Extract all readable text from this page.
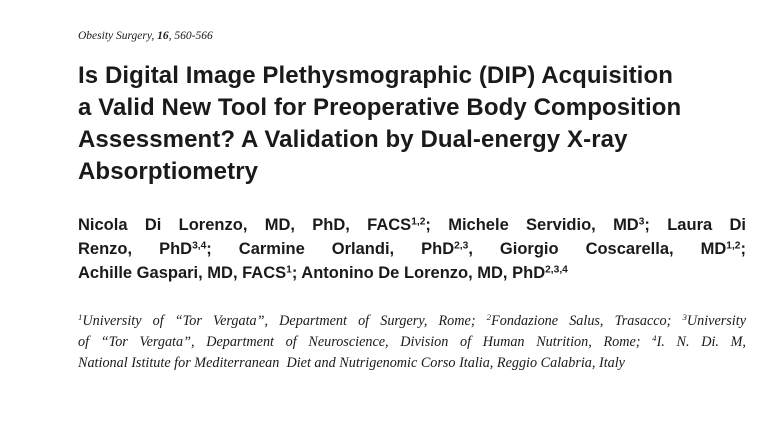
Obesity Surgery, 16, 560-566

Is Digital Image Plethysmographic (DIP) Acquisition
a Valid New Tool for Preoperative Body Composition
Assessment? A Validation by Dual-energy X-ray
Absorptiometry
Nicola Di Lorenzo, MD, PhD, FACS$^{1,2}$; Michele Servidio, $MD^3$; Laura Di
Renzo, PhD$^{3,4}$; Carmine Orlandi, PhD$^{2,3}$, Giorgio Coscarella, MD$^{1,2}$;
Achille Gaspari, MD, FACS$^1$; Antonino De Lorenzo, MD, PhD$^{2,3,4}$
$^1$University of “Tor Vergata”, Department of Surgery, Rome; $^2$Fondazione Salus, Trasacco; $^3$University
of “Tor Vergata”, Department of Neuroscience, Division of Human Nutrition, Rome; $^4$I. N. Di. M,
National Istitute for Mediterranean  Diet and Nutrigenomic Corso Italia, Reggio Calabria, Italy
